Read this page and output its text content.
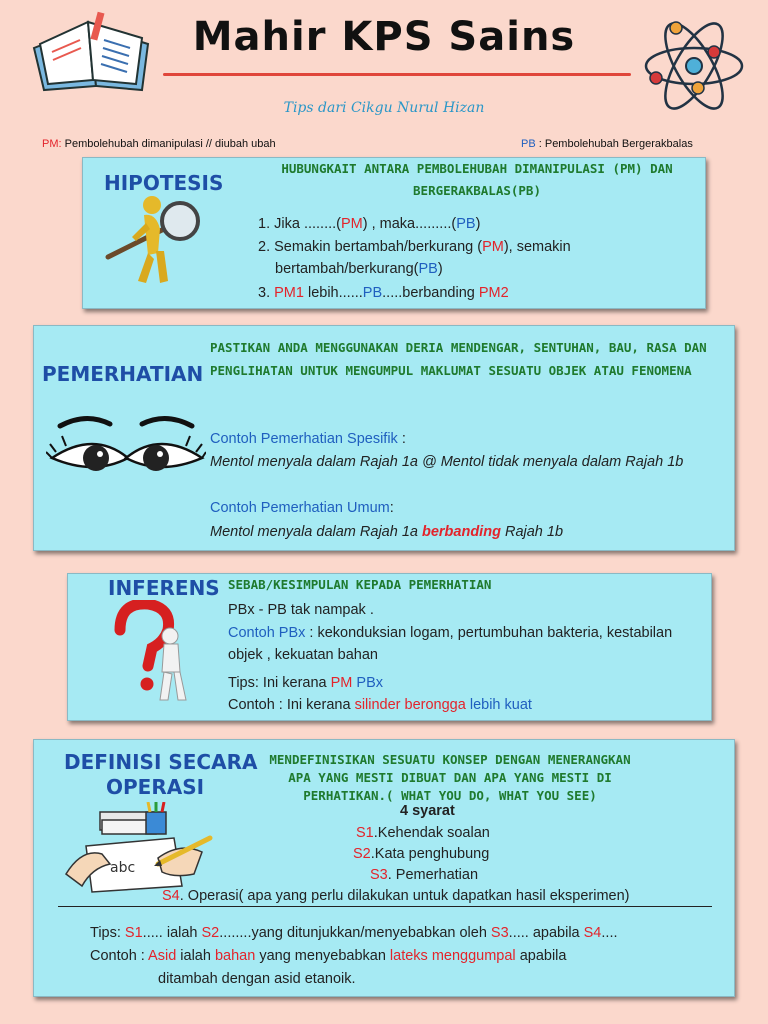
Mahir KPS Sains
Tips dari Cikgu Nurul Hizan
PM: Pembolehubah dimanipulasi // diubah ubah	PB : Pembolehubah Bergerakbalas
HIPOTESIS
HUBUNGKAIT ANTARA PEMBOLEHUBAH DIMANIPULASI (PM) DAN BERGERAKBALAS(PB)
1. Jika ........(PM) , maka.........(PB)
2. Semakin bertambah/berkurang (PM), semakin
bertambah/berkurang(PB)
3. PM1 lebih......PB.....berbanding PM2
PEMERHATIAN
PASTIKAN ANDA MENGGUNAKAN DERIA MENDENGAR, SENTUHAN, BAU, RASA DAN PENGLIHATAN UNTUK MENGUMPUL MAKLUMAT SESUATU OBJEK ATAU FENOMENA
Contoh Pemerhatian Spesifik :
Mentol menyala dalam Rajah 1a @ Mentol tidak menyala dalam Rajah 1b
Contoh Pemerhatian Umum:
Mentol menyala dalam Rajah 1a berbanding Rajah 1b
INFERENS SEBAB/KESIMPULAN KEPADA PEMERHATIAN
PBx - PB tak nampak .
Contoh PBx : kekonduksian logam, pertumbuhan bakteria, kestabilan objek , kekuatan bahan
Tips: Ini kerana PM PBx
Contoh : Ini kerana silinder berongga lebih kuat
DEFINISI SECARA
OPERASI
abc
MENDEFINISIKAN SESUATU KONSEP DENGAN MENERANGKAN
APA YANG MESTI DIBUAT DAN APA YANG MESTI DI
PERHATIKAN.( WHAT YOU DO, WHAT YOU SEE)
4 syarat
S1.Kehendak soalan
S2.Kata penghubung
S3. Pemerhatian
S4. Operasi( apa yang perlu dilakukan untuk dapatkan hasil eksperimen)
Tips: S1..... ialah S2........yang ditunjukkan/menyebabkan oleh S3..... apabila S4....
Contoh : Asid ialah bahan yang menyebabkan lateks menggumpal apabila
ditambah dengan asid etanoik.
